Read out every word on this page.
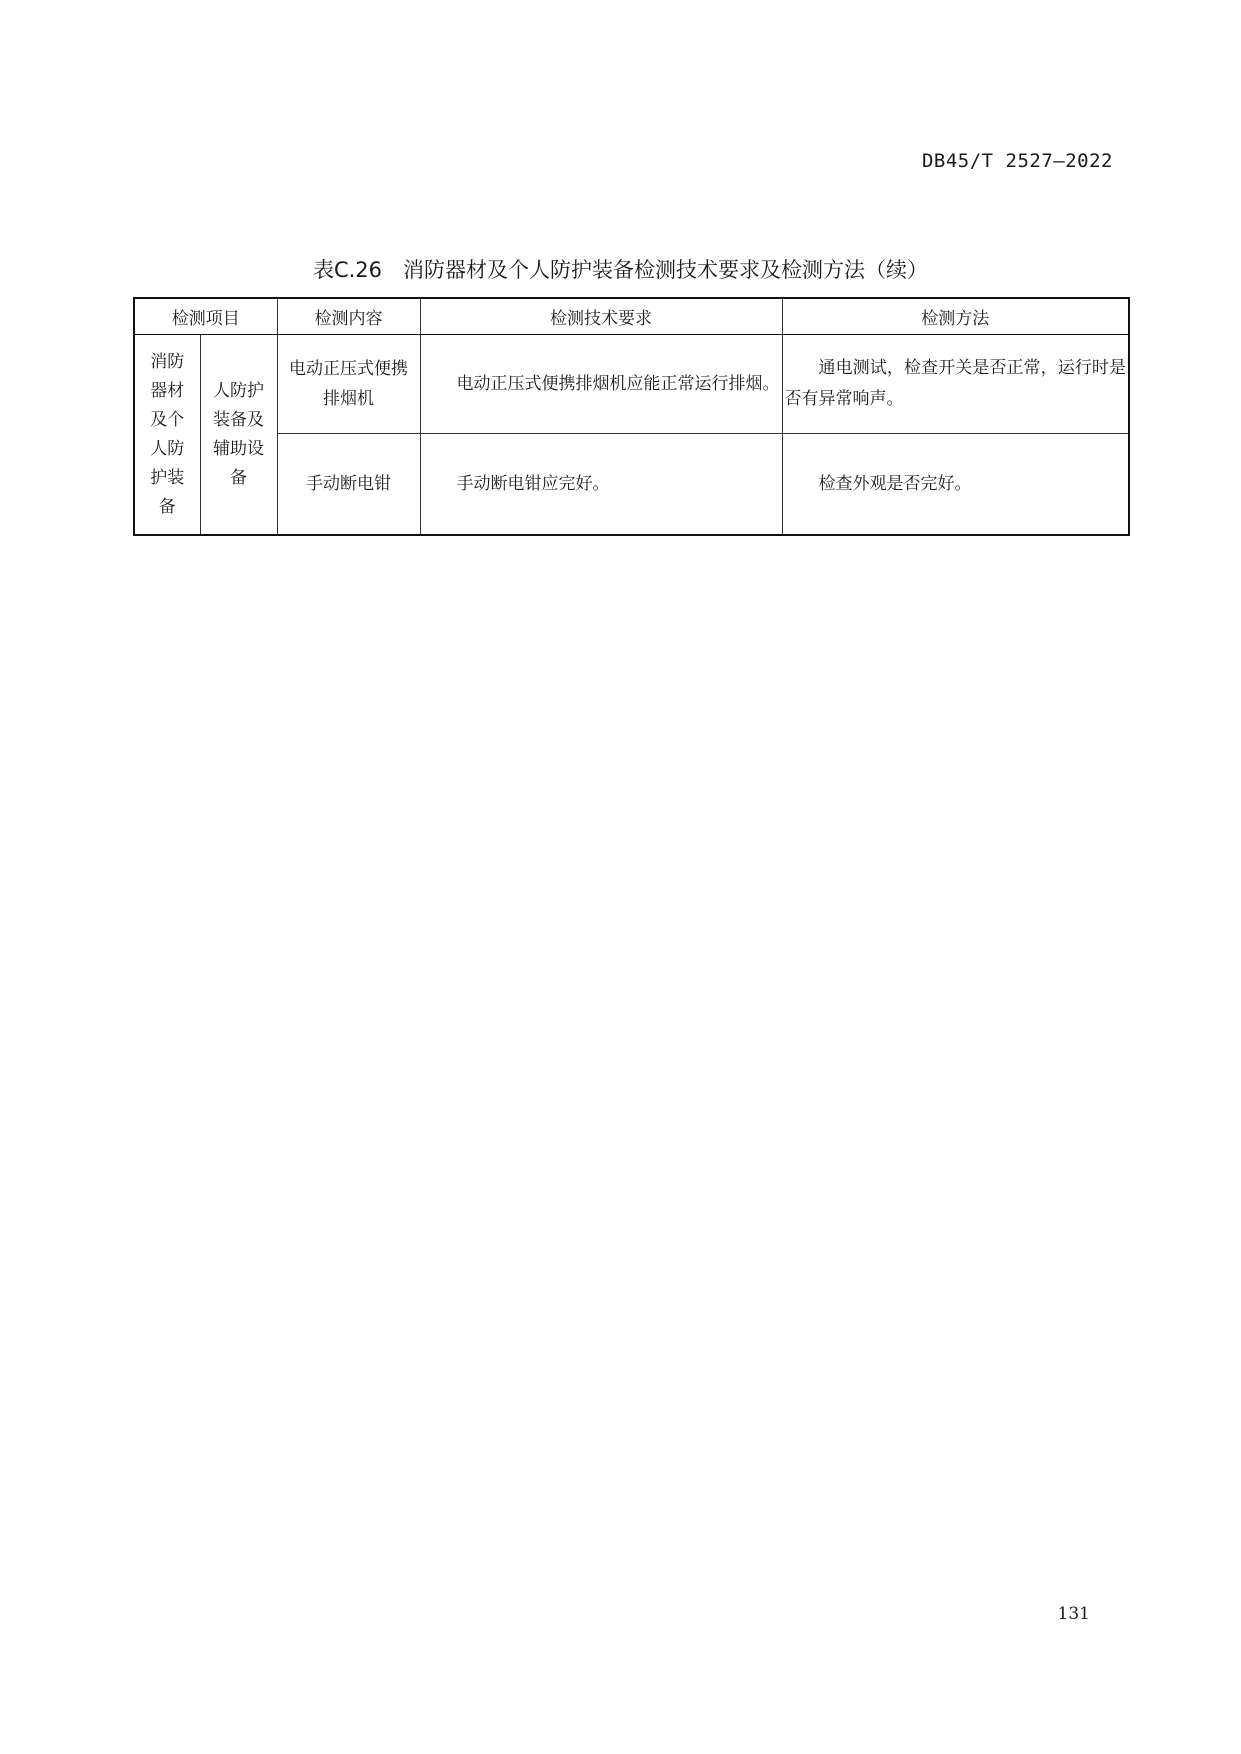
DB45/T 2527—2022
表C.26　消防器材及个人防护装备检测技术要求及检测方法（续）
检测项目		检测内容	检测技术要求	检测方法
消防器材及个人防护装备	人防护装备及辅助设备	电动正压式便携排烟机	电动正压式便携排烟机应能正常运行排烟。	通电测试，检查开关是否正常，运行时是否有异常响声。
		手动断电钳	手动断电钳应完好。	检查外观是否完好。
131
